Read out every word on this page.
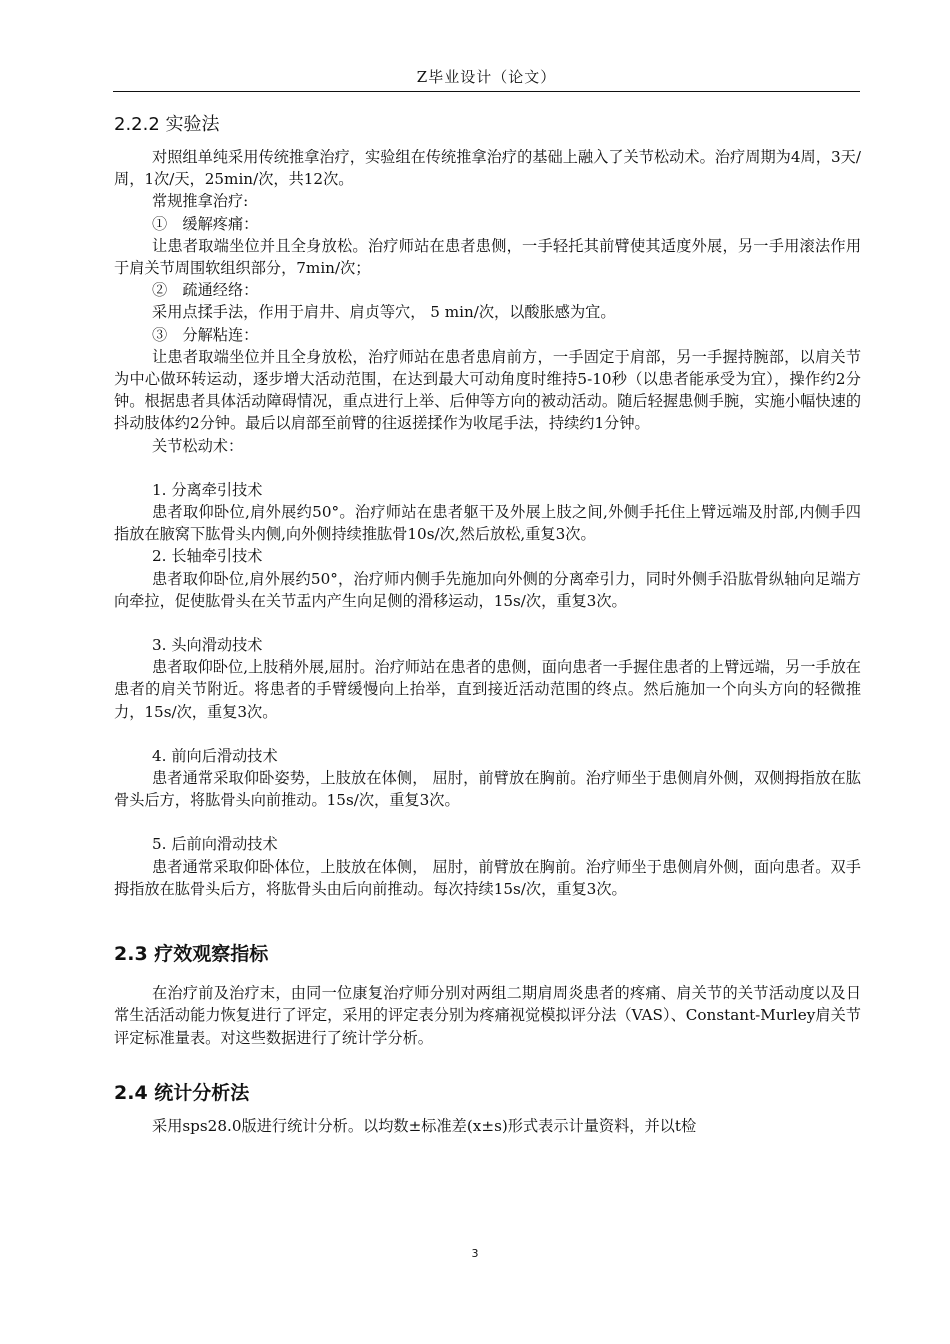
Z毕业设计（论文）
2.2.2 实验法

对照组单纯采用传统推拿治疗，实验组在传统推拿治疗的基础上融入了关节松动术。治疗周期为4周，3天/周，1次/天，25min/次，共12次。

常规推拿治疗:

①　缓解疼痛：

让患者取端坐位并且全身放松。治疗师站在患者患侧，一手轻托其前臂使其适度外展，另一手用滚法作用于肩关节周围软组织部分，7min/次；

②　疏通经络：

采用点揉手法，作用于肩井、肩贞等穴， 5 min/次，以酸胀感为宜。

③　分解粘连：

让患者取端坐位并且全身放松，治疗师站在患者患肩前方，一手固定于肩部，另一手握持腕部，以肩关节为中心做环转运动，逐步增大活动范围，在达到最大可动角度时维持5-10秒（以患者能承受为宜），操作约2分钟。根据患者具体活动障碍情况，重点进行上举、后伸等方向的被动活动。随后轻握患侧手腕，实施小幅快速的抖动肢体约2分钟。最后以肩部至前臂的往返搓揉作为收尾手法，持续约1分钟。

关节松动术：

1. 分离牵引技术

患者取仰卧位,肩外展约50°。治疗师站在患者躯干及外展上肢之间,外侧手托住上臂远端及肘部,内侧手四指放在腋窝下肱骨头内侧,向外侧持续推肱骨10s/次,然后放松,重复3次。

2. 长轴牵引技术

患者取仰卧位,肩外展约50°，治疗师内侧手先施加向外侧的分离牵引力，同时外侧手沿肱骨纵轴向足端方向牵拉，促使肱骨头在关节盂内产生向足侧的滑移运动，15s/次，重复3次。

3. 头向滑动技术

患者取仰卧位,上肢稍外展,屈肘。治疗师站在患者的患侧，面向患者一手握住患者的上臂远端，另一手放在患者的肩关节附近。将患者的手臂缓慢向上抬举，直到接近活动范围的终点。然后施加一个向头方向的轻微推力，15s/次，重复3次。

4. 前向后滑动技术

患者通常采取仰卧姿势，上肢放在体侧， 屈肘，前臂放在胸前。治疗师坐于患侧肩外侧，双侧拇指放在肱骨头后方，将肱骨头向前推动。15s/次，重复3次。

5. 后前向滑动技术

患者通常采取仰卧体位，上肢放在体侧， 屈肘，前臂放在胸前。治疗师坐于患侧肩外侧，面向患者。双手拇指放在肱骨头后方，将肱骨头由后向前推动。每次持续15s/次，重复3次。

2.3 疗效观察指标

在治疗前及治疗末，由同一位康复治疗师分别对两组二期肩周炎患者的疼痛、肩关节的关节活动度以及日常生活活动能力恢复进行了评定，采用的评定表分别为疼痛视觉模拟评分法（VAS）、Constant-Murley肩关节评定标准量表。对这些数据进行了统计学分析。

2.4 统计分析法

采用sps28.0版进行统计分析。以均数±标准差(x±s)形式表示计量资料，并以t检

3
